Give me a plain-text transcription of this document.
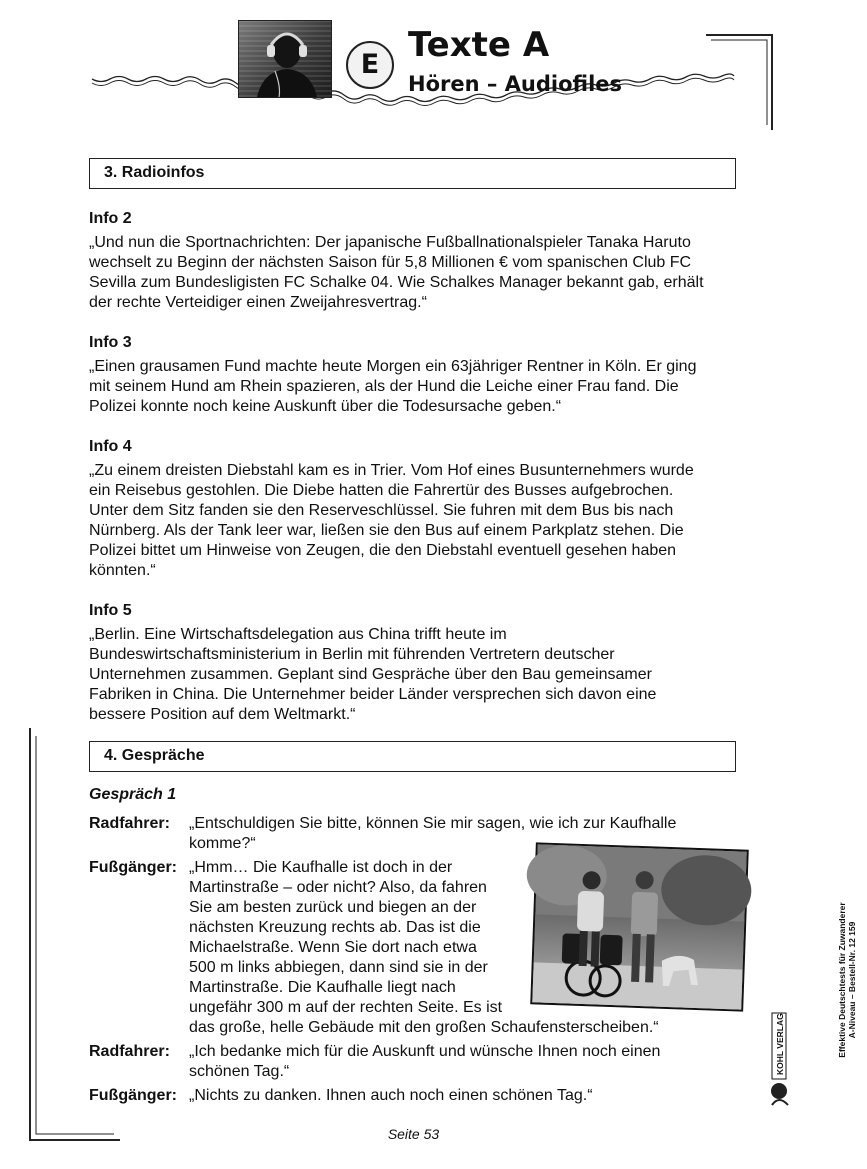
E Texte A
Hören – Audiofiles
3. Radioinfos
Info 2
„Und nun die Sportnachrichten: Der japanische Fußballnationalspieler Tanaka Haruto
wechselt zu Beginn der nächsten Saison für 5,8 Millionen € vom spanischen Club FC
Sevilla zum Bundesligisten FC Schalke 04. Wie Schalkes Manager bekannt gab, erhält
der rechte Verteidiger einen Zweijahresvertrag.“
Info 3
„Einen grausamen Fund machte heute Morgen ein 63jähriger Rentner in Köln. Er ging
mit seinem Hund am Rhein spazieren, als der Hund die Leiche einer Frau fand. Die
Polizei konnte noch keine Auskunft über die Todesursache geben.“
Info 4
„Zu einem dreisten Diebstahl kam es in Trier. Vom Hof eines Busunternehmers wurde
ein Reisebus gestohlen. Die Diebe hatten die Fahrertür des Busses aufgebrochen.
Unter dem Sitz fanden sie den Reserveschlüssel. Sie fuhren mit dem Bus bis nach
Nürnberg. Als der Tank leer war, ließen sie den Bus auf einem Parkplatz stehen. Die
Polizei bittet um Hinweise von Zeugen, die den Diebstahl eventuell gesehen haben
könnten.“
Info 5
„Berlin. Eine Wirtschaftsdelegation aus China trifft heute im
Bundeswirtschaftsministerium in Berlin mit führenden Vertretern deutscher
Unternehmen zusammen. Geplant sind Gespräche über den Bau gemeinsamer
Fabriken in China. Die Unternehmer beider Länder versprechen sich davon eine
bessere Position auf dem Weltmarkt.“
4. Gespräche
Gespräch 1
Radfahrer: „Entschuldigen Sie bitte, können Sie mir sagen, wie ich zur Kaufhalle
komme?“
Fußgänger: „Hmm… Die Kaufhalle ist doch in der
Martinstraße – oder nicht? Also, da fahren
Sie am besten zurück und biegen an der
nächsten Kreuzung rechts ab. Das ist die
Michaelstraße. Wenn Sie dort nach etwa
500 m links abbiegen, dann sind sie in der
Martinstraße. Die Kaufhalle liegt nach
ungefähr 300 m auf der rechten Seite. Es ist
das große, helle Gebäude mit den großen Schaufensterscheiben.“
Radfahrer: „Ich bedanke mich für die Auskunft und wünsche Ihnen noch einen
schönen Tag.“
Fußgänger: „Nichts zu danken. Ihnen auch noch einen schönen Tag.“
Effektive Deutschtests für Zuwanderer A-Niveau – Bestell-Nr. 12 159
KOHL VERLAG
Seite 53
